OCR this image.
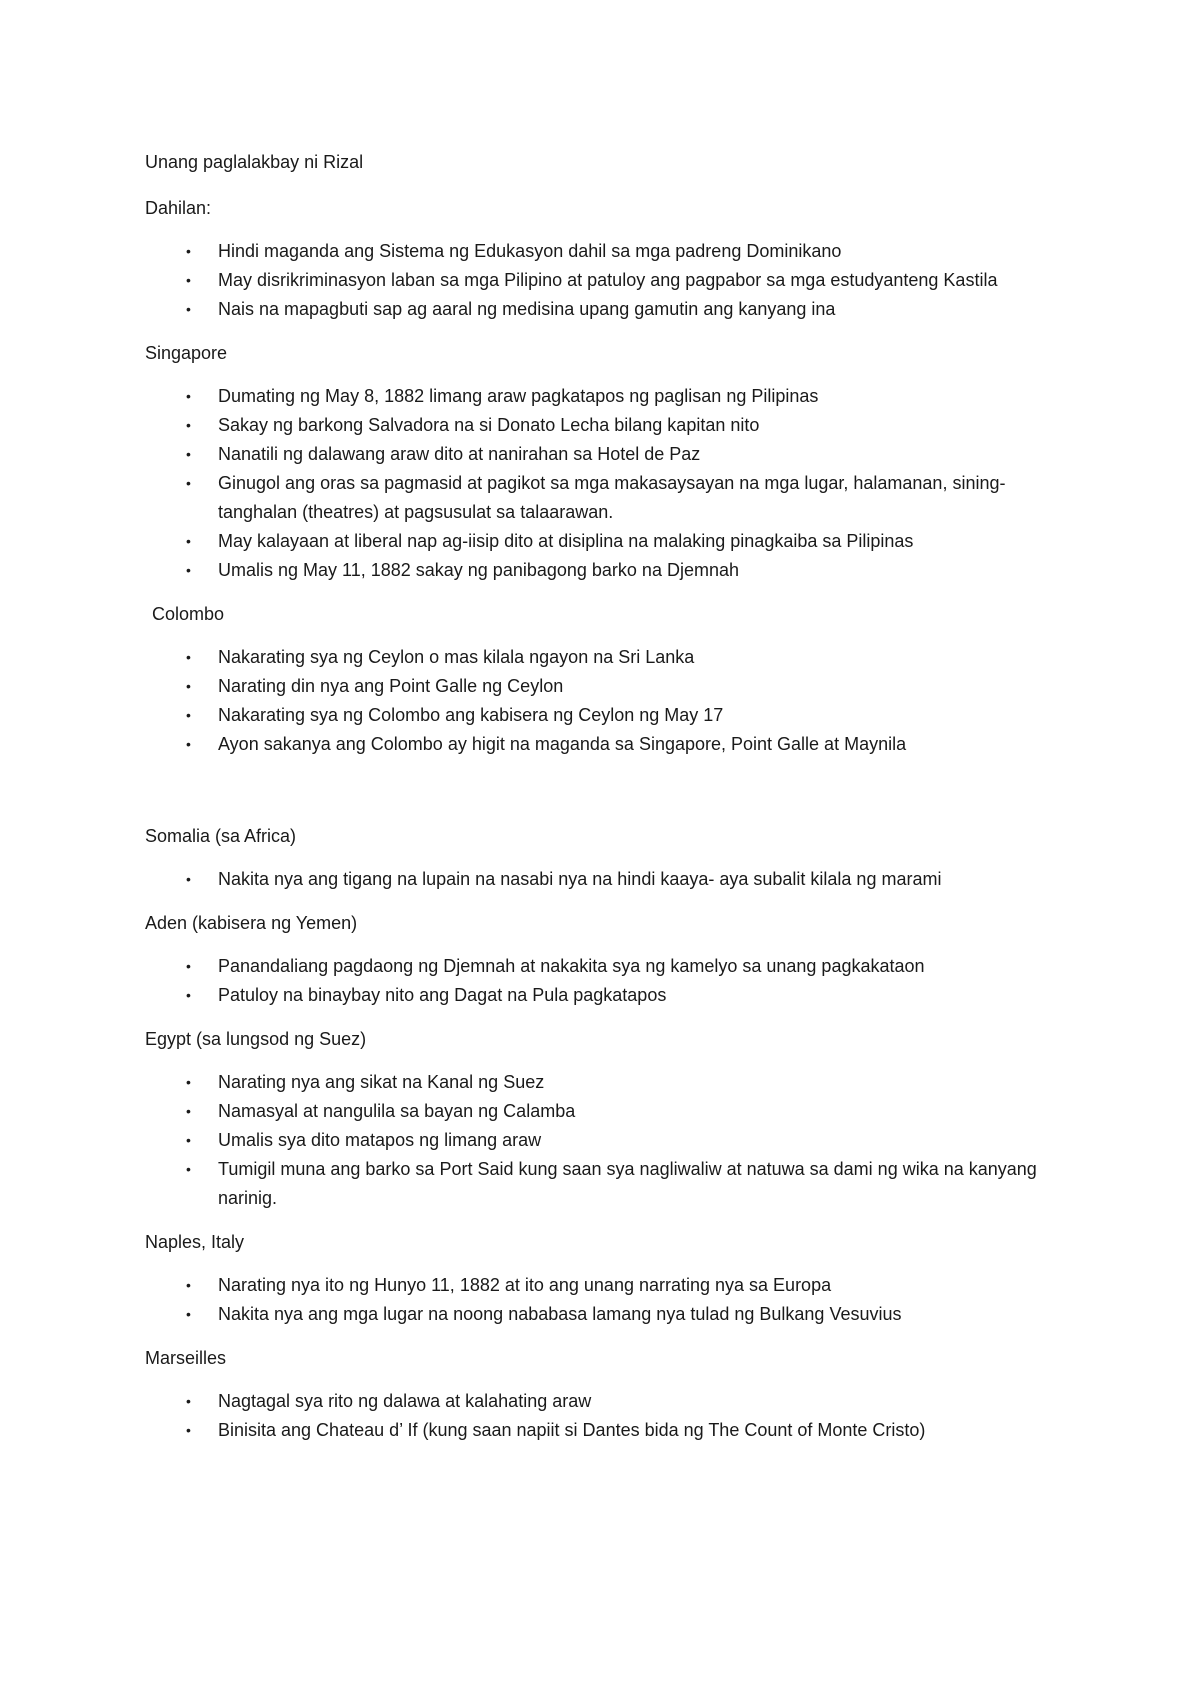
Unang paglalakbay ni Rizal

Dahilan:

• Hindi maganda ang Sistema ng Edukasyon dahil sa mga padreng Dominikano
• May disrikriminasyon laban sa mga Pilipino at patuloy ang pagpabor sa mga estudyanteng Kastila
• Nais na mapagbuti sap ag aaral ng medisina upang gamutin ang kanyang ina

Singapore

• Dumating ng May 8, 1882 limang araw pagkatapos ng paglisan ng Pilipinas
• Sakay ng barkong Salvadora na si Donato Lecha bilang kapitan nito
• Nanatili ng dalawang araw dito at nanirahan sa Hotel de Paz
• Ginugol ang oras sa pagmasid at pagikot sa mga makasaysayan na mga lugar, halamanan, sining-tanghalan (theatres) at pagsusulat sa talaarawan.
• May kalayaan at liberal nap ag-iisip dito at disiplina na malaking pinagkaiba sa Pilipinas
• Umalis ng May 11, 1882 sakay ng panibagong barko na Djemnah

Colombo

• Nakarating sya ng Ceylon o mas kilala ngayon na Sri Lanka
• Narating din nya ang Point Galle ng Ceylon
• Nakarating sya ng Colombo ang kabisera ng Ceylon ng May 17
• Ayon sakanya ang Colombo ay higit na maganda sa Singapore, Point Galle at Maynila

Somalia (sa Africa)

• Nakita nya ang tigang na lupain na nasabi nya na hindi kaaya- aya subalit kilala ng marami

Aden (kabisera ng Yemen)

• Panandaliang pagdaong ng Djemnah at nakakita sya ng kamelyo sa unang pagkakataon
• Patuloy na binaybay nito ang Dagat na Pula pagkatapos

Egypt (sa lungsod ng Suez)

• Narating nya ang sikat na Kanal ng Suez
• Namasyal at nangulila sa bayan ng Calamba
• Umalis sya dito matapos ng limang araw
• Tumigil muna ang barko sa Port Said kung saan sya nagliwaliw at natuwa sa dami ng wika na kanyang narinig.

Naples, Italy

• Narating nya ito ng Hunyo 11, 1882 at ito ang unang narrating nya sa Europa
• Nakita nya ang mga lugar na noong nababasa lamang nya tulad ng Bulkang Vesuvius

Marseilles

• Nagtagal sya rito ng dalawa at kalahating araw
• Binisita ang Chateau d’ If (kung saan napiit si Dantes bida ng The Count of Monte Cristo)
